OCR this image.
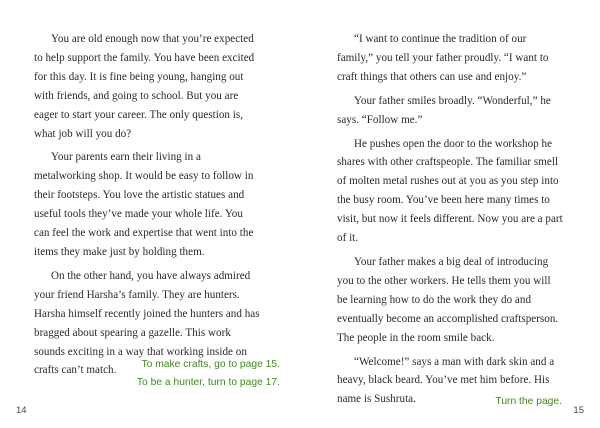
You are old enough now that you’re expected to help support the family. You have been excited for this day. It is fine being young, hanging out with friends, and going to school. But you are eager to start your career. The only question is, what job will you do?

Your parents earn their living in a metalworking shop. It would be easy to follow in their footsteps. You love the artistic statues and useful tools they’ve made your whole life. You can feel the work and expertise that went into the items they make just by holding them.

On the other hand, you have always admired your friend Harsha’s family. They are hunters. Harsha himself recently joined the hunters and has bragged about spearing a gazelle. This work sounds exciting in a way that working inside on crafts can’t match.	To make crafts, go to page 15.
To be a hunter, turn to page 17.
14

“I want to continue the tradition of our family,” you tell your father proudly. “I want to craft things that others can use and enjoy.”

Your father smiles broadly. “Wonderful,” he says. “Follow me.”

He pushes open the door to the workshop he shares with other craftspeople. The familiar smell of molten metal rushes out at you as you step into the busy room. You’ve been here many times to visit, but now it feels different. Now you are a part of it.

Your father makes a big deal of introducing you to the other workers. He tells them you will be learning how to do the work they do and eventually become an accomplished craftsperson. The people in the room smile back.

“Welcome!” says a man with dark skin and a heavy, black beard. You’ve met him before. His name is Sushruta.	Turn the page.
15
